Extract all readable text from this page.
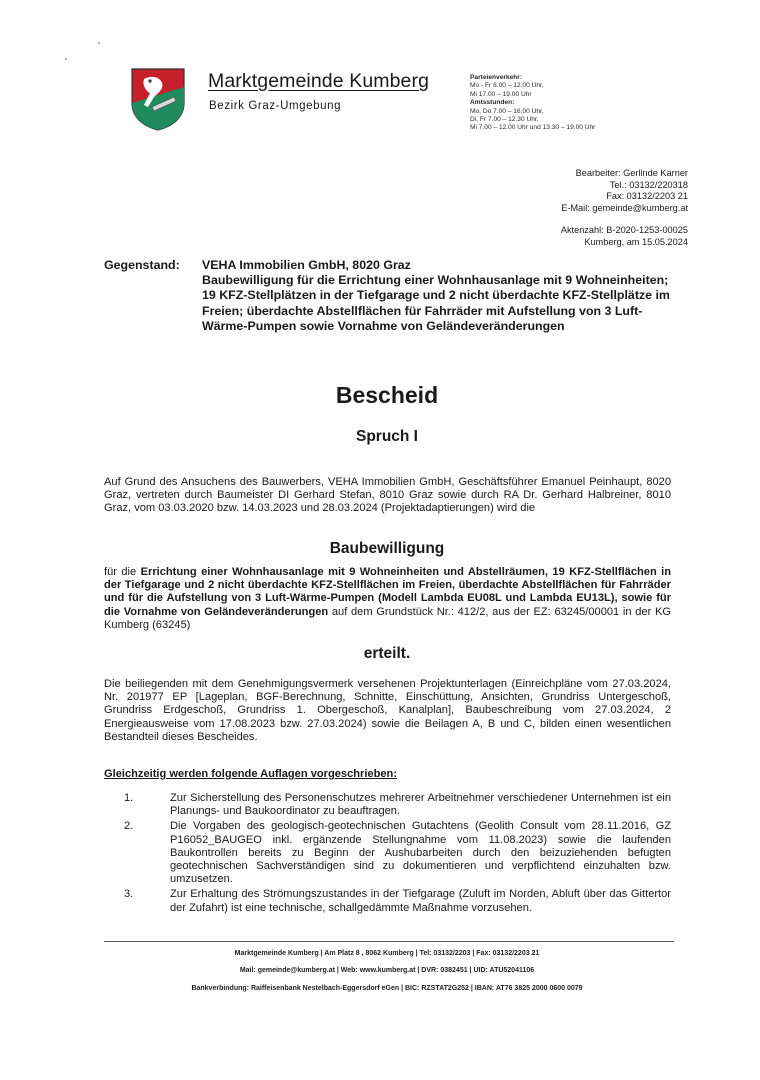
Marktgemeinde Kumberg
Bezirk Graz-Umgebung
Parteienverkehr:
Mo - Fr 8.00 – 12.00 Uhr,
Mi 17.00 – 19.00 Uhr
Amtsstunden:
Mo, Do 7.00 – 16.00 Uhr,
Di, Fr 7.00 – 12.30 Uhr,
Mi 7.00 – 12.00 Uhr und 13.30 – 19.00 Uhr
Bearbeiter: Gerlinde Karner
Tel.: 03132/220318
Fax: 03132/2203 21
E-Mail: gemeinde@kumberg.at
Aktenzahl: B-2020-1253-00025
Kumberg, am 15.05.2024
Gegenstand: VEHA Immobilien GmbH, 8020 Graz
Baubewilligung für die Errichtung einer Wohnhausanlage mit 9 Wohneinheiten; 19 KFZ-Stellplätzen in der Tiefgarage und 2 nicht überdachte KFZ-Stellplätze im Freien; überdachte Abstellflächen für Fahrräder mit Aufstellung von 3 Luft-Wärme-Pumpen sowie Vornahme von Geländeveränderungen
Bescheid
Spruch I
Auf Grund des Ansuchens des Bauwerbers, VEHA Immobilien GmbH, Geschäftsführer Emanuel Peinhaupt, 8020 Graz, vertreten durch Baumeister DI Gerhard Stefan, 8010 Graz sowie durch RA Dr. Gerhard Halbreiner, 8010 Graz, vom 03.03.2020 bzw. 14.03.2023 und 28.03.2024 (Projektadaptierungen) wird die
Baubewilligung
für die Errichtung einer Wohnhausanlage mit 9 Wohneinheiten und Abstellräumen, 19 KFZ-Stellflächen in der Tiefgarage und 2 nicht überdachte KFZ-Stellflächen im Freien, überdachte Abstellflächen für Fahrräder und für die Aufstellung von 3 Luft-Wärme-Pumpen (Modell Lambda EU08L und Lambda EU13L), sowie für die Vornahme von Geländeveränderungen auf dem Grundstück Nr.: 412/2, aus der EZ: 63245/00001 in der KG Kumberg (63245)
erteilt.
Die beiliegenden mit dem Genehmigungsvermerk versehenen Projektunterlagen (Einreichpläne vom 27.03.2024, Nr. 201977 EP [Lageplan, BGF-Berechnung, Schnitte, Einschüttung, Ansichten, Grundriss Untergeschoß, Grundriss Erdgeschoß, Grundriss 1. Obergeschoß, Kanalplan], Baubeschreibung vom 27.03.2024, 2 Energieausweise vom 17.08.2023 bzw. 27.03.2024) sowie die Beilagen A, B und C, bilden einen wesentlichen Bestandteil dieses Bescheides.
Gleichzeitig werden folgende Auflagen vorgeschrieben:
1.	Zur Sicherstellung des Personenschutzes mehrerer Arbeitnehmer verschiedener Unternehmen ist ein Planungs- und Baukoordinator zu beauftragen.
2.	Die Vorgaben des geologisch-geotechnischen Gutachtens (Geolith Consult vom 28.11.2016, GZ P16052_BAUGEO inkl. ergänzende Stellungnahme vom 11.08.2023) sowie die laufenden Baukontrollen bereits zu Beginn der Aushubarbeiten durch den beizuziehenden befugten geotechnischen Sachverständigen sind zu dokumentieren und verpflichtend einzuhalten bzw. umzusetzen.
3.	Zur Erhaltung des Strömungszustandes in der Tiefgarage (Zuluft im Norden, Abluft über das Gittertor der Zufahrt) ist eine technische, schallgedämmte Maßnahme vorzusehen.
Marktgemeinde Kumberg | Am Platz 8 , 8062 Kumberg | Tel: 03132/2203 | Fax: 03132/2203 21
Mail: gemeinde@kumberg.at | Web: www.kumberg.at | DVR: 0382451 | UID: ATU52041106
Bankverbindung: Raiffeisenbank Nestelbach-Eggersdorf eGen | BIC: RZSTAT2G252 | IBAN: AT76 3825 2000 0600 0079
